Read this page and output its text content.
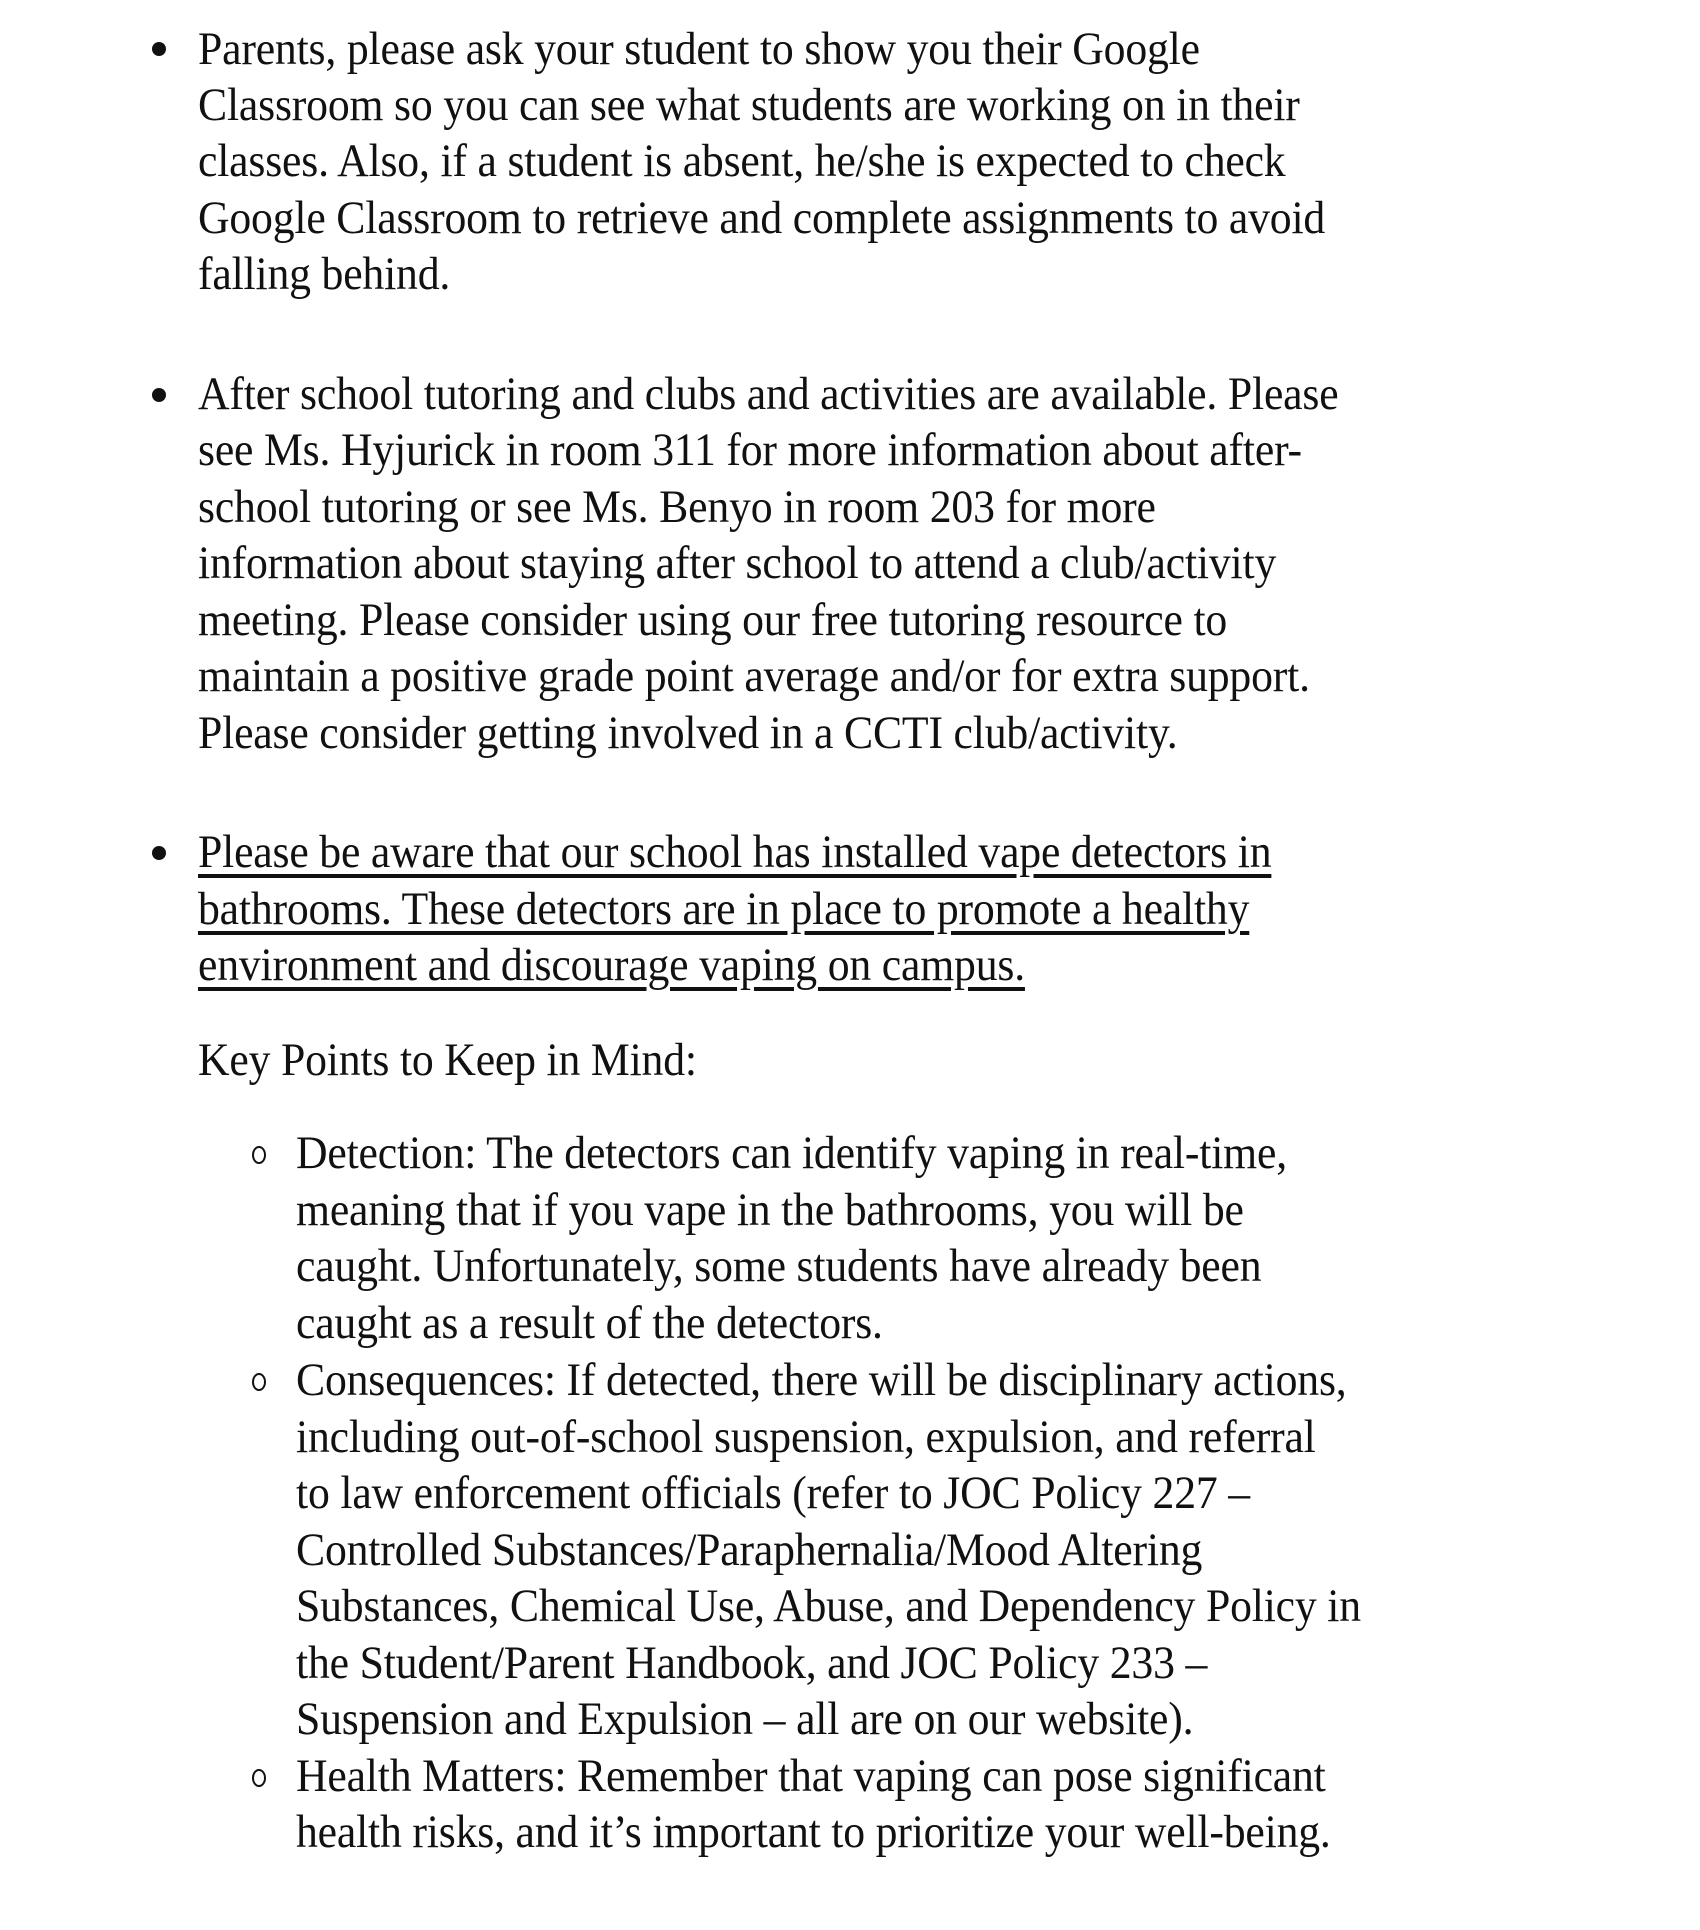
Parents, please ask your student to show you their Google
Classroom so you can see what students are working on in their
classes. Also, if a student is absent, he/she is expected to check
Google Classroom to retrieve and complete assignments to avoid
falling behind.
After school tutoring and clubs and activities are available. Please
see Ms. Hyjurick in room 311 for more information about after-
school tutoring or see Ms. Benyo in room 203 for more
information about staying after school to attend a club/activity
meeting. Please consider using our free tutoring resource to
maintain a positive grade point average and/or for extra support.
Please consider getting involved in a CCTI club/activity.
Please be aware that our school has installed vape detectors in
bathrooms. These detectors are in place to promote a healthy
environment and discourage vaping on campus.
Key Points to Keep in Mind:
Detection: The detectors can identify vaping in real-time,
meaning that if you vape in the bathrooms, you will be
caught. Unfortunately, some students have already been
caught as a result of the detectors.
Consequences: If detected, there will be disciplinary actions,
including out-of-school suspension, expulsion, and referral
to law enforcement officials (refer to JOC Policy 227 –
Controlled Substances/Paraphernalia/Mood Altering
Substances, Chemical Use, Abuse, and Dependency Policy in
the Student/Parent Handbook, and JOC Policy 233 –
Suspension and Expulsion – all are on our website).
Health Matters: Remember that vaping can pose significant
health risks, and it’s important to prioritize your well-being.
